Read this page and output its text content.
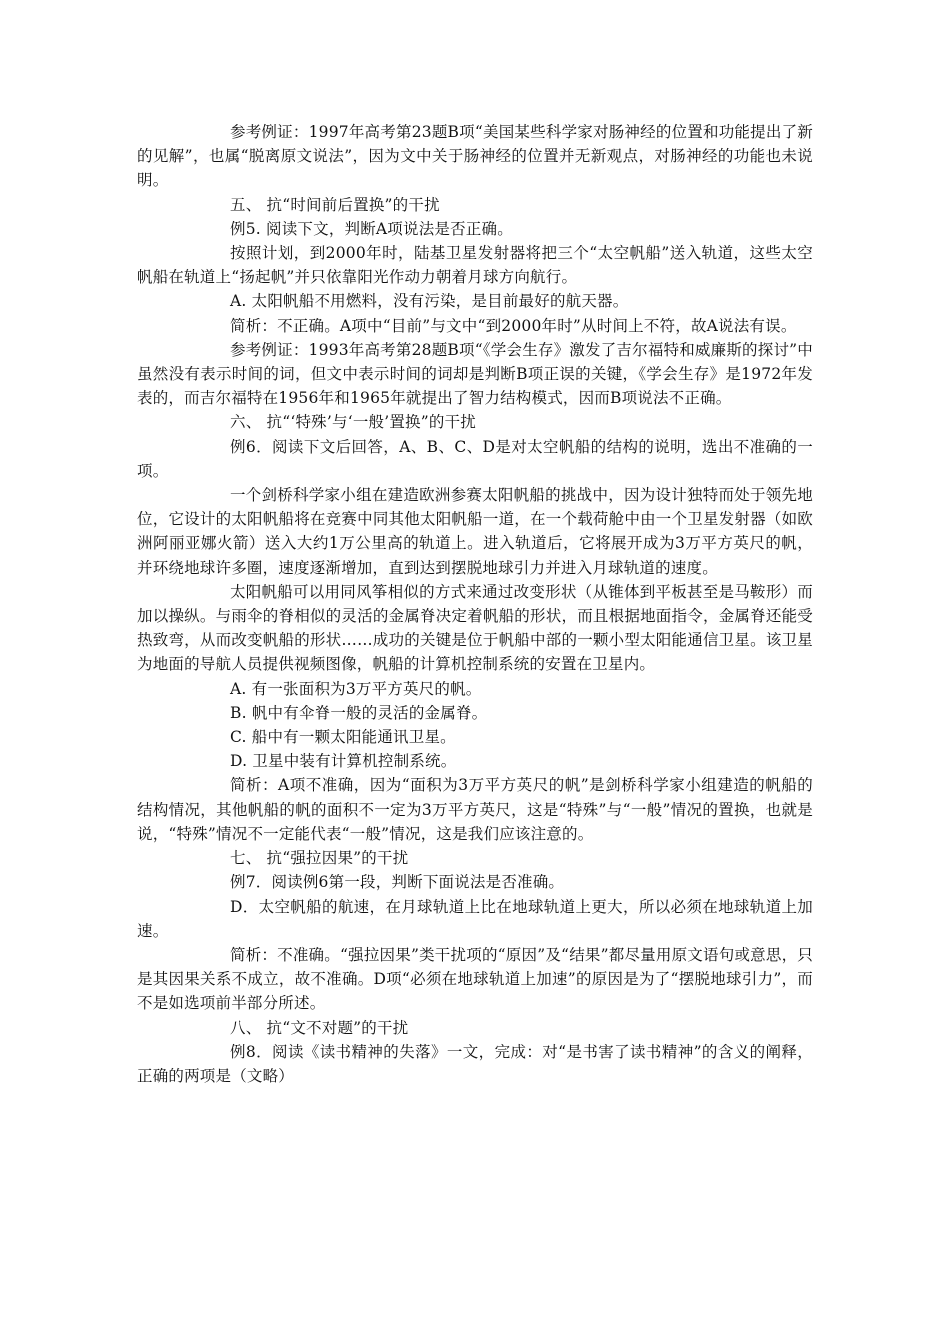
参考例证：1997年高考第23题B项“美国某些科学家对肠神经的位置和功能提出了新的见解”，也属“脱离原文说法”，因为文中关于肠神经的位置并无新观点，对肠神经的功能也未说明。

五、 抗“时间前后置换”的干扰

例5. 阅读下文，判断A项说法是否正确。

按照计划，到2000年时，陆基卫星发射器将把三个“太空帆船”送入轨道，这些太空帆船在轨道上“扬起帆”并只依靠阳光作动力朝着月球方向航行。

A. 太阳帆船不用燃料，没有污染，是目前最好的航天器。

简析：不正确。A项中“目前”与文中“到2000年时”从时间上不符，故A说法有误。

参考例证：1993年高考第28题B项“《学会生存》激发了吉尔福特和威廉斯的探讨”中虽然没有表示时间的词，但文中表示时间的词却是判断B项正误的关键，《学会生存》是1972年发表的，而吉尔福特在1956年和1965年就提出了智力结构模式，因而B项说法不正确。

六、 抗“‘特殊’与‘一般’置换”的干扰

例6．阅读下文后回答，A、B、C、D是对太空帆船的结构的说明，选出不准确的一项。

一个剑桥科学家小组在建造欧洲参赛太阳帆船的挑战中，因为设计独特而处于领先地位，它设计的太阳帆船将在竞赛中同其他太阳帆船一道，在一个载荷舱中由一个卫星发射器（如欧洲阿丽亚娜火箭）送入大约1万公里高的轨道上。进入轨道后，它将展开成为3万平方英尺的帆，并环绕地球许多圈，速度逐渐增加，直到达到摆脱地球引力并进入月球轨道的速度。

太阳帆船可以用同风筝相似的方式来通过改变形状（从锥体到平板甚至是马鞍形）而加以操纵。与雨伞的脊相似的灵活的金属脊决定着帆船的形状，而且根据地面指令，金属脊还能受热致弯，从而改变帆船的形状……成功的关键是位于帆船中部的一颗小型太阳能通信卫星。该卫星为地面的导航人员提供视频图像，帆船的计算机控制系统的安置在卫星内。

A. 有一张面积为3万平方英尺的帆。

B. 帆中有伞脊一般的灵活的金属脊。

C. 船中有一颗太阳能通讯卫星。

D. 卫星中装有计算机控制系统。

简析：A项不准确，因为“面积为3万平方英尺的帆”是剑桥科学家小组建造的帆船的结构情况，其他帆船的帆的面积不一定为3万平方英尺，这是“特殊”与“一般”情况的置换，也就是说，“特殊”情况不一定能代表“一般”情况，这是我们应该注意的。

七、 抗“强拉因果”的干扰

例7．阅读例6第一段，判断下面说法是否准确。

D．太空帆船的航速，在月球轨道上比在地球轨道上更大，所以必须在地球轨道上加速。

简析：不准确。“强拉因果”类干扰项的“原因”及“结果”都尽量用原文语句或意思，只是其因果关系不成立，故不准确。D项“必须在地球轨道上加速”的原因是为了“摆脱地球引力”，而不是如选项前半部分所述。

八、 抗“文不对题”的干扰

例8．阅读《读书精神的失落》一文，完成：对“是书害了读书精神”的含义的阐释，正确的两项是（文略）
